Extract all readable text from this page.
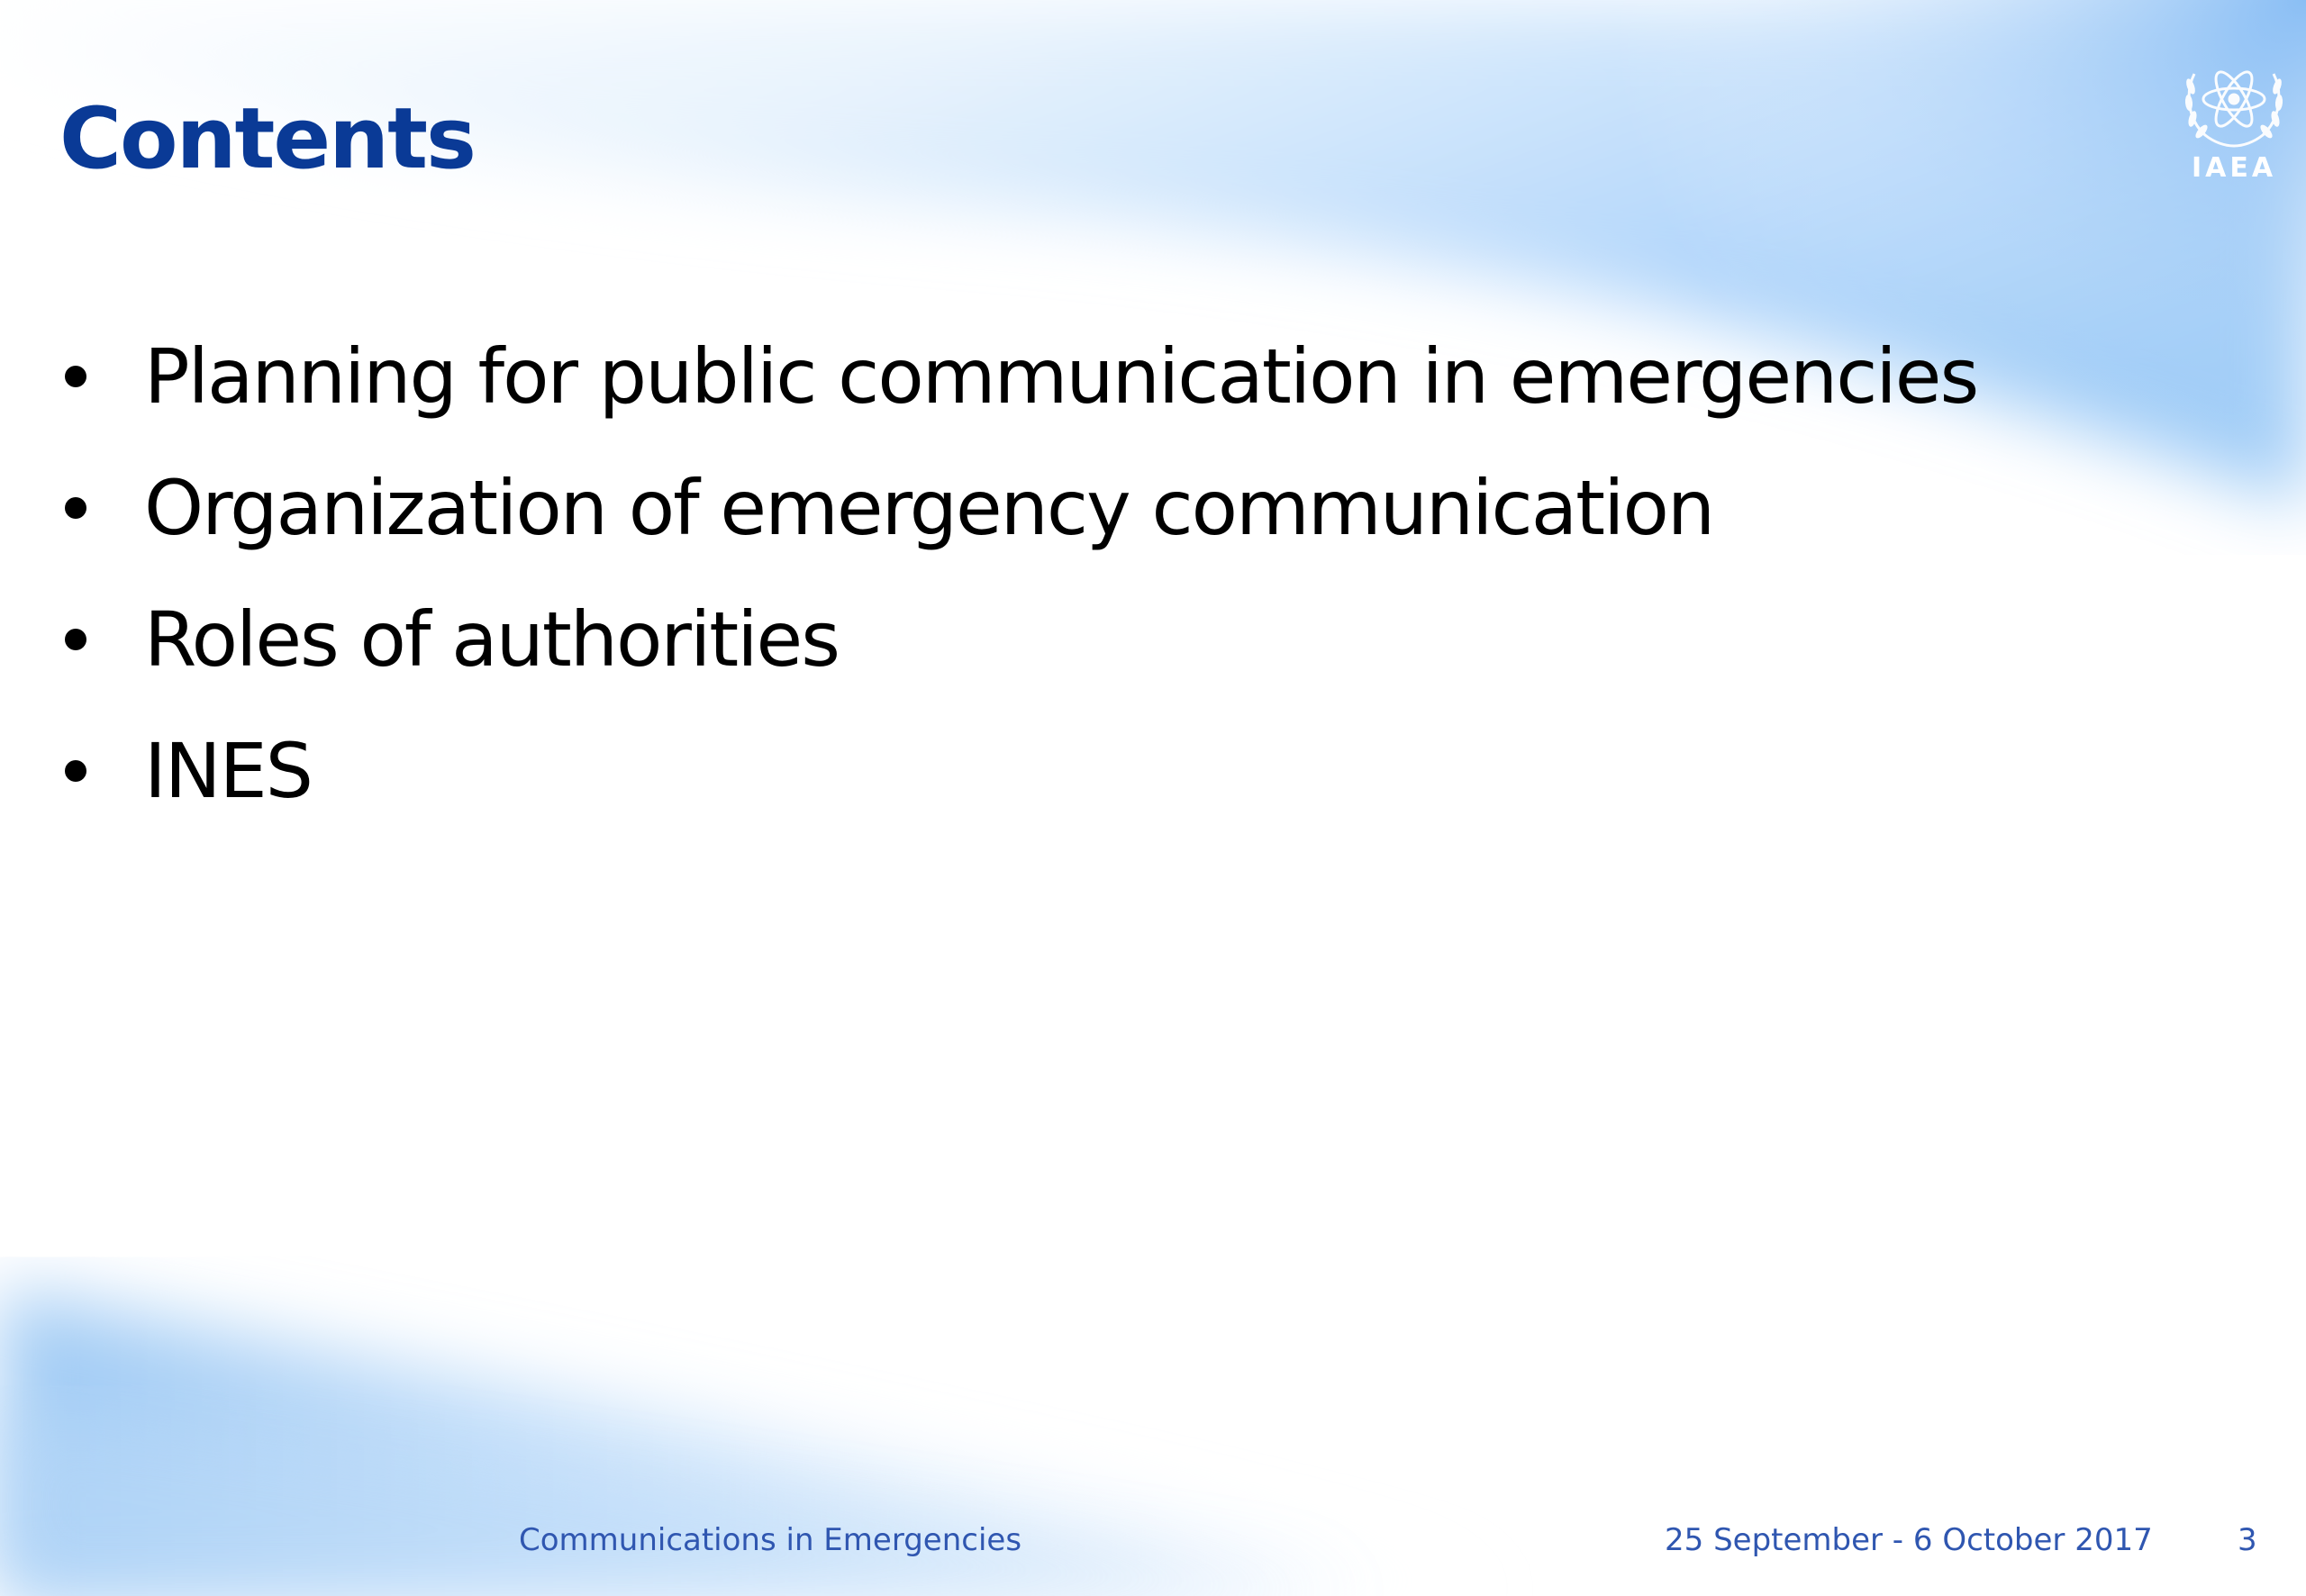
Contents
Planning for public communication in emergencies
Organization of emergency communication
Roles of authorities
INES
IAEA
Communications in Emergencies	25 September - 6 October 2017	3
